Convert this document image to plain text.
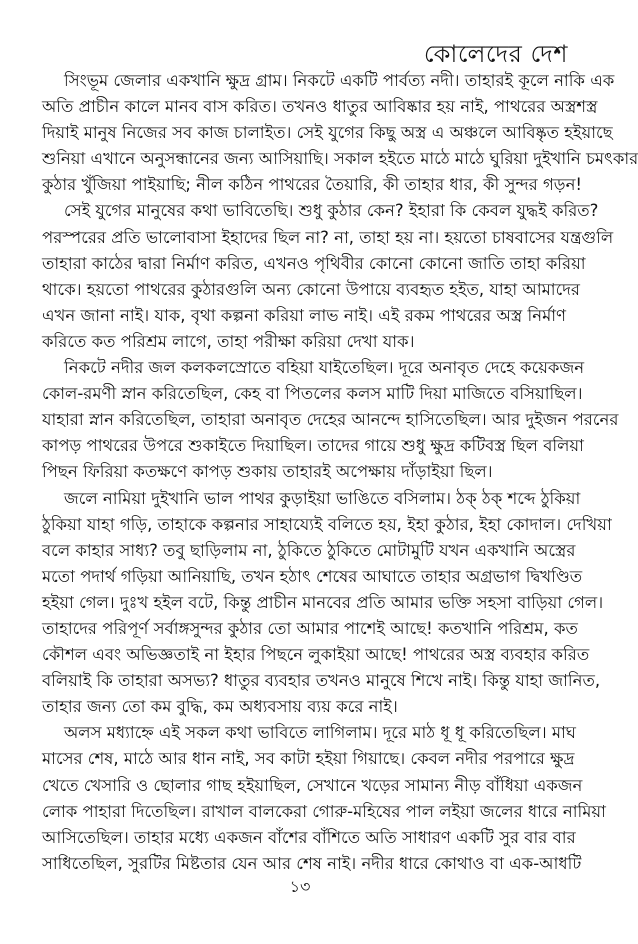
কোলেদের দেশ
সিংভূম জেলার একখানি ক্ষুদ্র গ্রাম। নিকটে একটি পার্বত্য নদী। তাহারই কূলে নাকি এক
অতি প্রাচীন কালে মানব বাস করিত। তখনও ধাতুর আবিষ্কার হয় নাই, পাথরের অস্ত্রশস্ত্র
দিয়াই মানুষ নিজের সব কাজ চালাইত। সেই যুগের কিছু অস্ত্র এ অঞ্চলে আবিষ্কৃত হইয়াছে
শুনিয়া এখানে অনুসন্ধানের জন্য আসিয়াছি। সকাল হইতে মাঠে মাঠে ঘুরিয়া দুইখানি চমৎকার
কুঠার খুঁজিয়া পাইয়াছি; নীল কঠিন পাথরের তৈয়ারি, কী তাহার ধার, কী সুন্দর গড়ন!
সেই যুগের মানুষের কথা ভাবিতেছি। শুধু কুঠার কেন? ইহারা কি কেবল যুদ্ধই করিত?
পরস্পরের প্রতি ভালোবাসা ইহাদের ছিল না? না, তাহা হয় না। হয়তো চাষবাসের যন্ত্রগুলি
তাহারা কাঠের দ্বারা নির্মাণ করিত, এখনও পৃথিবীর কোনো কোনো জাতি তাহা করিয়া
থাকে। হয়তো পাথরের কুঠারগুলি অন্য কোনো উপায়ে ব্যবহৃত হইত, যাহা আমাদের
এখন জানা নাই। যাক, বৃথা কল্পনা করিয়া লাভ নাই। এই রকম পাথরের অস্ত্র নির্মাণ
করিতে কত পরিশ্রম লাগে, তাহা পরীক্ষা করিয়া দেখা যাক।
নিকটে নদীর জল কলকলস্রোতে বহিয়া যাইতেছিল। দূরে অনাবৃত দেহে কয়েকজন
কোল-রমণী স্নান করিতেছিল, কেহ বা পিতলের কলস মাটি দিয়া মাজিতে বসিয়াছিল।
যাহারা স্নান করিতেছিল, তাহারা অনাবৃত দেহের আনন্দে হাসিতেছিল। আর দুইজন পরনের
কাপড় পাথরের উপরে শুকাইতে দিয়াছিল। তাদের গায়ে শুধু ক্ষুদ্র কটিবস্ত্র ছিল বলিয়া
পিছন ফিরিয়া কতক্ষণে কাপড় শুকায় তাহারই অপেক্ষায় দাঁড়াইয়া ছিল।
জলে নামিয়া দুইখানি ভাল পাথর কুড়াইয়া ভাঙিতে বসিলাম। ঠক্ ঠক্ শব্দে ঠুকিয়া
ঠুকিয়া যাহা গড়ি, তাহাকে কল্পনার সাহায্যেই বলিতে হয়, ইহা কুঠার, ইহা কোদাল। দেখিয়া
বলে কাহার সাধ্য? তবু ছাড়িলাম না, ঠুকিতে ঠুকিতে মোটামুটি যখন একখানি অস্ত্রের
মতো পদার্থ গড়িয়া আনিয়াছি, তখন হঠাৎ শেষের আঘাতে তাহার অগ্রভাগ দ্বিখণ্ডিত
হইয়া গেল। দুঃখ হইল বটে, কিন্তু প্রাচীন মানবের প্রতি আমার ভক্তি সহসা বাড়িয়া গেল।
তাহাদের পরিপূর্ণ সর্বাঙ্গসুন্দর কুঠার তো আমার পাশেই আছে! কতখানি পরিশ্রম, কত
কৌশল এবং অভিজ্ঞতাই না ইহার পিছনে লুকাইয়া আছে! পাথরের অস্ত্র ব্যবহার করিত
বলিয়াই কি তাহারা অসভ্য? ধাতুর ব্যবহার তখনও মানুষে শিখে নাই। কিন্তু যাহা জানিত,
তাহার জন্য তো কম বুদ্ধি, কম অধ্যবসায় ব্যয় করে নাই।
অলস মধ্যাহ্নে এই সকল কথা ভাবিতে লাগিলাম। দূরে মাঠ ধূ ধূ করিতেছিল। মাঘ
মাসের শেষ, মাঠে আর ধান নাই, সব কাটা হইয়া গিয়াছে। কেবল নদীর পরপারে ক্ষুদ্র
খেতে খেসারি ও ছোলার গাছ হইয়াছিল, সেখানে খড়ের সামান্য নীড় বাঁধিয়া একজন
লোক পাহারা দিতেছিল। রাখাল বালকেরা গোরু-মহিষের পাল লইয়া জলের ধারে নামিয়া
আসিতেছিল। তাহার মধ্যে একজন বাঁশের বাঁশিতে অতি সাধারণ একটি সুর বার বার
সাধিতেছিল, সুরটির মিষ্টতার যেন আর শেষ নাই। নদীর ধারে কোথাও বা এক-আধটি
১৩
